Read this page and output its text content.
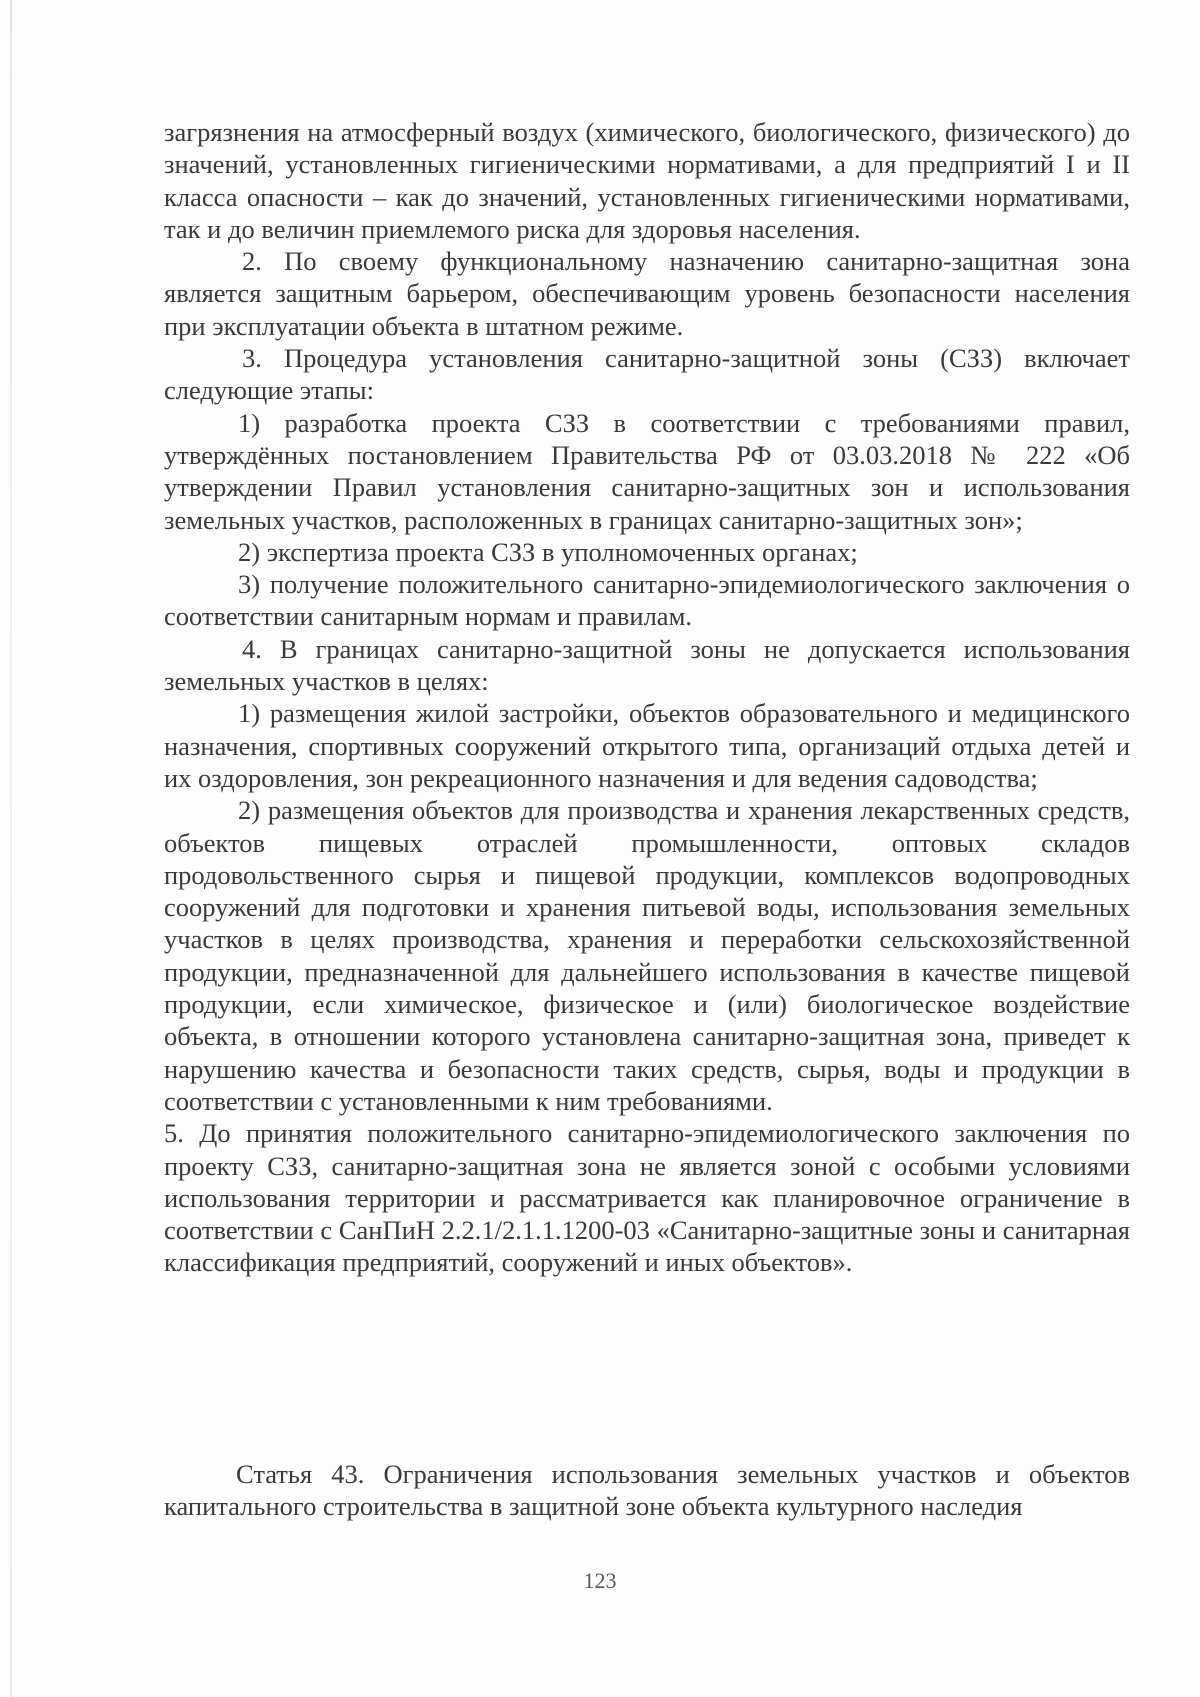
загрязнения на атмосферный воздух (химического, биологического, физического) до значений, установленных гигиеническими нормативами, а для предприятий I и II класса опасности – как до значений, установленных гигиеническими нормативами, так и до величин приемлемого риска для здоровья населения.

2. По своему функциональному назначению санитарно-защитная зона является защитным барьером, обеспечивающим уровень безопасности населения при эксплуатации объекта в штатном режиме.

3. Процедура установления санитарно-защитной зоны (СЗЗ) включает следующие этапы:

1) разработка проекта СЗЗ в соответствии с требованиями правил, утверждённых постановлением Правительства РФ от 03.03.2018 № 222 «Об утверждении Правил установления санитарно-защитных зон и использования земельных участков, расположенных в границах санитарно-защитных зон»;

2) экспертиза проекта СЗЗ в уполномоченных органах;

3) получение положительного санитарно-эпидемиологического заключения о соответствии санитарным нормам и правилам.

4. В границах санитарно-защитной зоны не допускается использования земельных участков в целях:

1) размещения жилой застройки, объектов образовательного и медицинского назначения, спортивных сооружений открытого типа, организаций отдыха детей и их оздоровления, зон рекреационного назначения и для ведения садоводства;

2) размещения объектов для производства и хранения лекарственных средств, объектов пищевых отраслей промышленности, оптовых складов продовольственного сырья и пищевой продукции, комплексов водопроводных сооружений для подготовки и хранения питьевой воды, использования земельных участков в целях производства, хранения и переработки сельскохозяйственной продукции, предназначенной для дальнейшего использования в качестве пищевой продукции, если химическое, физическое и (или) биологическое воздействие объекта, в отношении которого установлена санитарно-защитная зона, приведет к нарушению качества и безопасности таких средств, сырья, воды и продукции в соответствии с установленными к ним требованиями.

5. До принятия положительного санитарно-эпидемиологического заключения по проекту СЗЗ, санитарно-защитная зона не является зоной с особыми условиями использования территории и рассматривается как планировочное ограничение в соответствии с СанПиН 2.2.1/2.1.1.1200-03 «Санитарно-защитные зоны и санитарная классификация предприятий, сооружений и иных объектов».

Статья 43. Ограничения использования земельных участков и объектов капитального строительства в защитной зоне объекта культурного наследия

123
